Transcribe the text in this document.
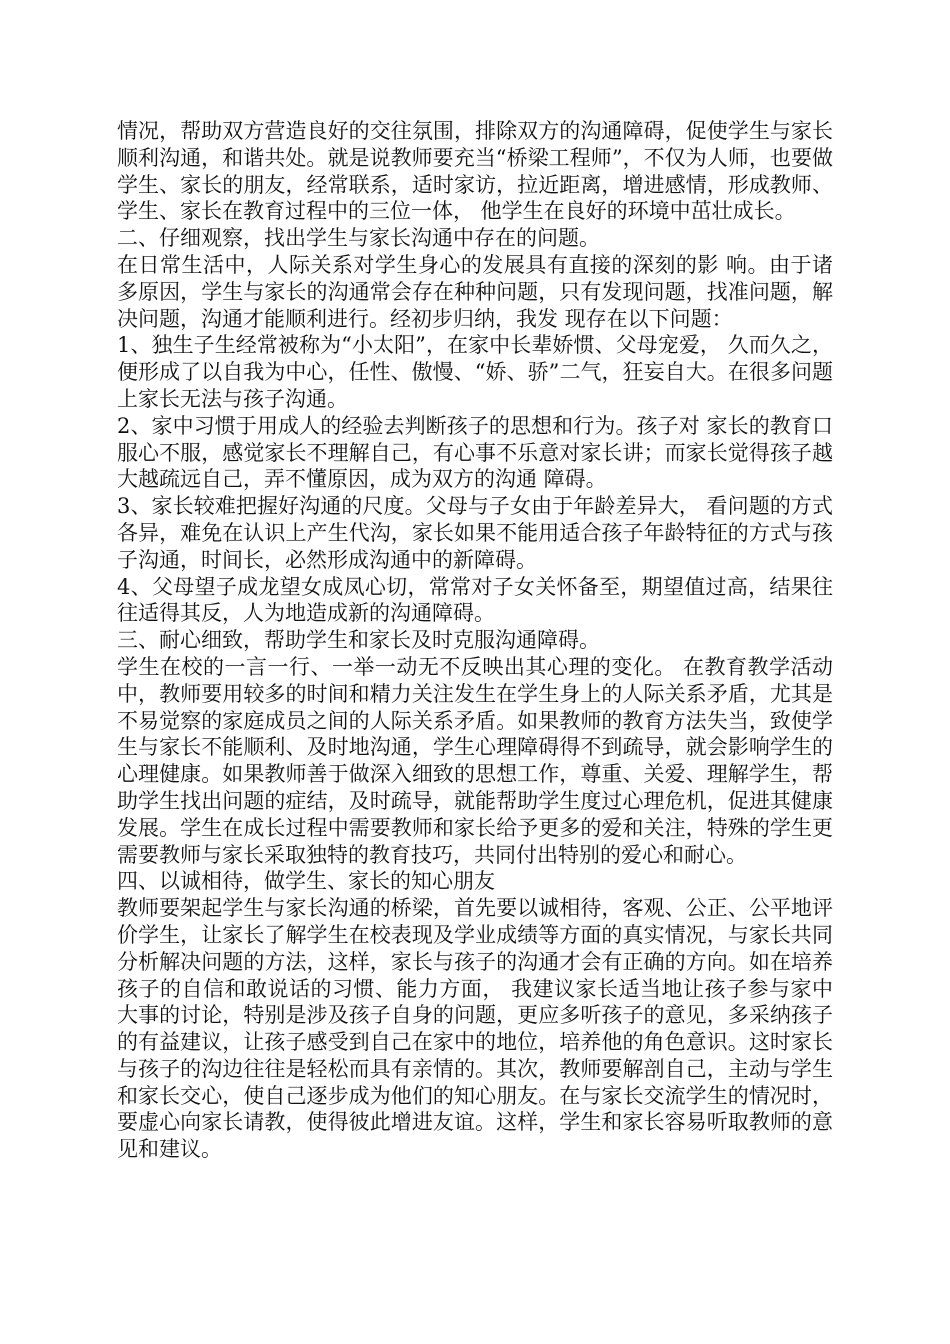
情况，帮助双方营造良好的交往氛围，排除双方的沟通障碍，促使学生与家长顺利沟通，和谐共处。就是说教师要充当“桥梁工程师”，不仅为人师，也要做学生、家长的朋友，经常联系，适时家访，拉近距离，增进感情，形成教师、学生、家长在教育过程中的三位一体， 他学生在良好的环境中茁壮成长。

二、仔细观察，找出学生与家长沟通中存在的问题。

在日常生活中，人际关系对学生身心的发展具有直接的深刻的影 响。由于诸多原因，学生与家长的沟通常会存在种种问题，只有发现问题，找准问题，解决问题，沟通才能顺利进行。经初步归纳，我发 现存在以下问题：

1、独生子生经常被称为“小太阳”，在家中长辈娇惯、父母宠爱， 久而久之，便形成了以自我为中心，任性、傲慢、“娇、骄”二气，狂妄自大。在很多问题上家长无法与孩子沟通。

2、家中习惯于用成人的经验去判断孩子的思想和行为。孩子对 家长的教育口服心不服，感觉家长不理解自己，有心事不乐意对家长讲；而家长觉得孩子越大越疏远自己，弄不懂原因，成为双方的沟通 障碍。

3、家长较难把握好沟通的尺度。父母与子女由于年龄差异大， 看问题的方式各异，难免在认识上产生代沟，家长如果不能用适合孩子年龄特征的方式与孩子沟通，时间长，必然形成沟通中的新障碍。

4、父母望子成龙望女成凤心切，常常对子女关怀备至，期望值过高，结果往往适得其反，人为地造成新的沟通障碍。

三、耐心细致，帮助学生和家长及时克服沟通障碍。

学生在校的一言一行、一举一动无不反映出其心理的变化。 在教育教学活动中，教师要用较多的时间和精力关注发生在学生身上的人际关系矛盾，尤其是不易觉察的家庭成员之间的人际关系矛盾。如果教师的教育方法失当，致使学生与家长不能顺利、及时地沟通，学生心理障碍得不到疏导，就会影响学生的心理健康。如果教师善于做深入细致的思想工作，尊重、关爱、理解学生，帮助学生找出问题的症结，及时疏导，就能帮助学生度过心理危机，促进其健康发展。学生在成长过程中需要教师和家长给予更多的爱和关注，特殊的学生更需要教师与家长采取独特的教育技巧，共同付出特别的爱心和耐心。

四、以诚相待，做学生、家长的知心朋友

教师要架起学生与家长沟通的桥梁，首先要以诚相待，客观、公正、公平地评价学生，让家长了解学生在校表现及学业成绩等方面的真实情况，与家长共同分析解决问题的方法，这样，家长与孩子的沟通才会有正确的方向。如在培养孩子的自信和敢说话的习惯、能力方面， 我建议家长适当地让孩子参与家中大事的讨论，特别是涉及孩子自身的问题，更应多听孩子的意见，多采纳孩子的有益建议，让孩子感受到自己在家中的地位，培养他的角色意识。这时家长与孩子的沟边往往是轻松而具有亲情的。其次，教师要解剖自己，主动与学生和家长交心，使自己逐步成为他们的知心朋友。在与家长交流学生的情况时，要虚心向家长请教，使得彼此增进友谊。这样，学生和家长容易听取教师的意见和建议。
